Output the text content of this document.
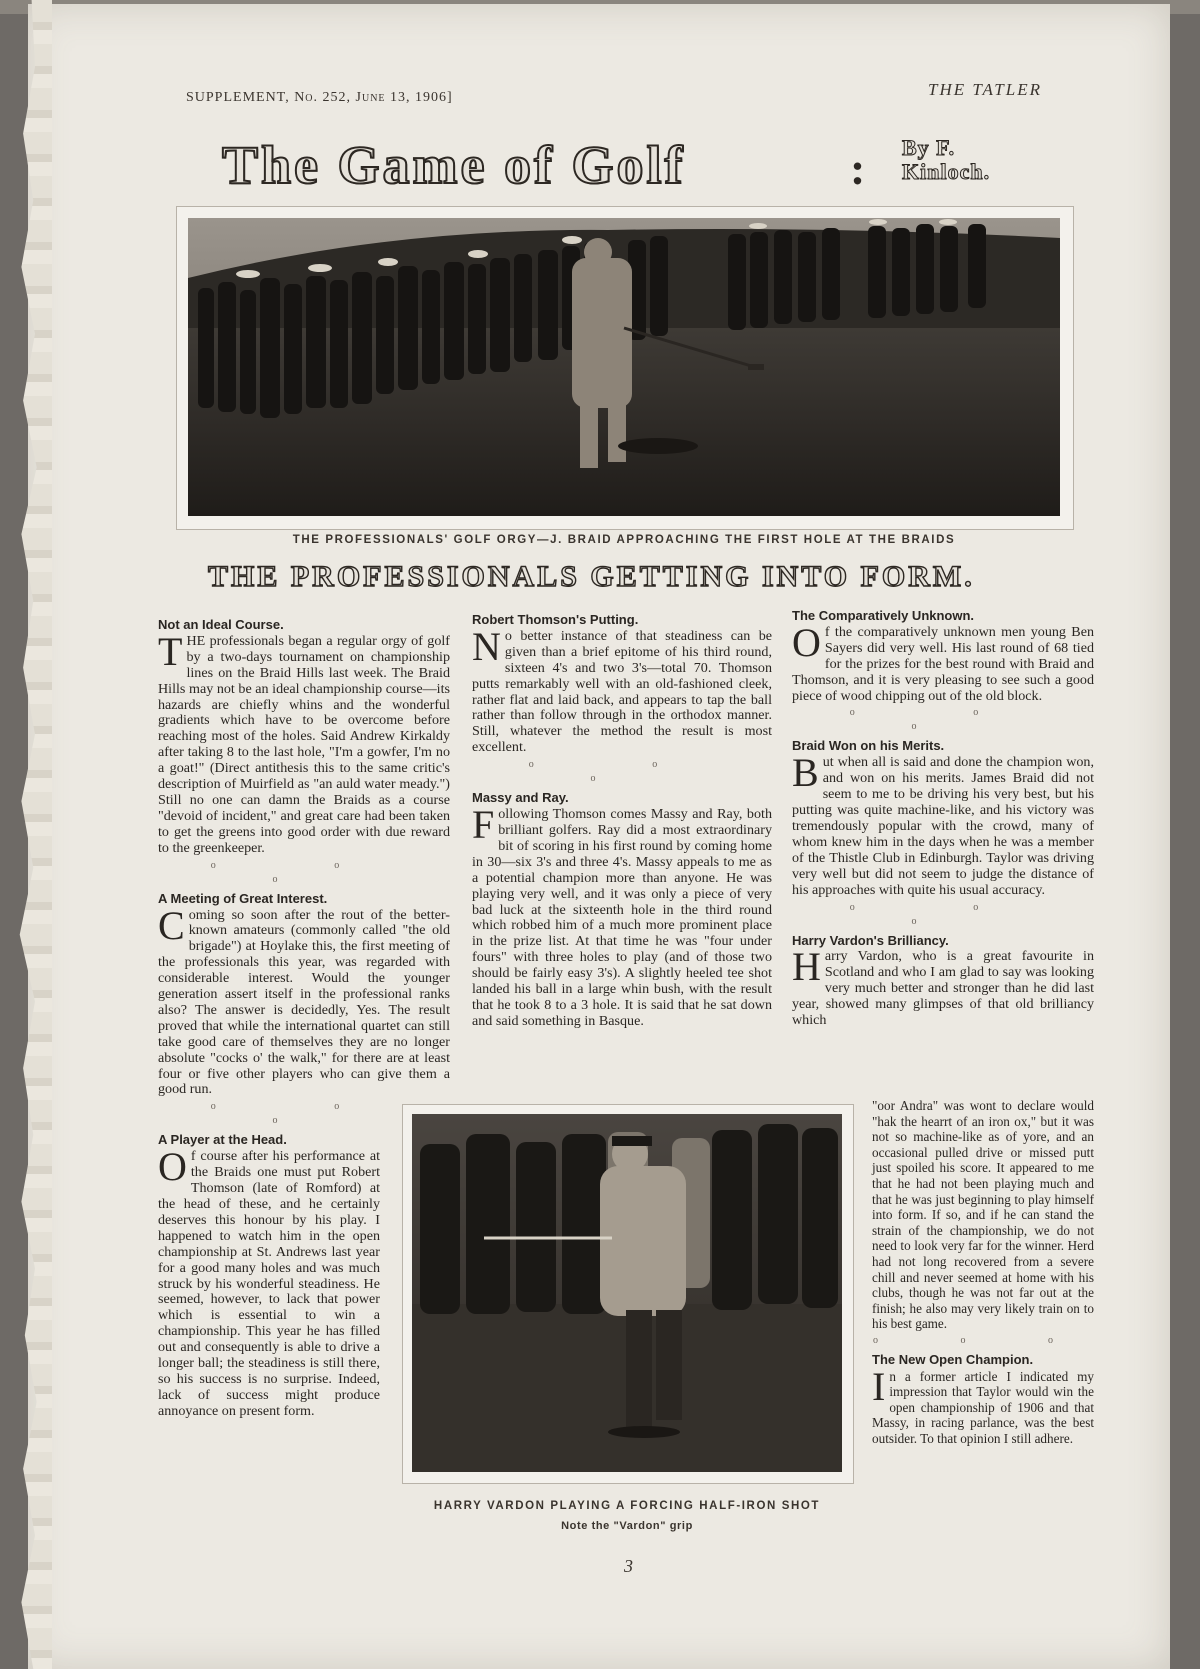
SUPPLEMENT, No. 252, June 13, 1906]	THE TATLER
The Game of Golf	: By F.
Kinloch.
THE PROFESSIONALS' GOLF ORGY—J. BRAID APPROACHING THE FIRST HOLE AT THE BRAIDS
THE PROFESSIONALS GETTING INTO FORM.
Not an Ideal Course.

THE professionals began a regular orgy of golf by a two-days tournament on championship lines on the Braid Hills last week. The Braid Hills may not be an ideal championship course—its hazards are chiefly whins and the wonderful gradients which have to be overcome before reaching most of the holes. Said Andrew Kirkaldy after taking 8 to the last hole, "I'm a gowfer, I'm no a goat!" (Direct antithesis this to the same critic's description of Muirfield as "an auld water meady.") Still no one can damn the Braids as a course "devoid of incident," and great care had been taken to get the greens into good order with due reward to the greenkeeper.

o o o
A Meeting of Great Interest.

Coming so soon after the rout of the better-known amateurs (commonly called "the old brigade") at Hoylake this, the first meeting of the professionals this year, was regarded with considerable interest. Would the younger generation assert itself in the professional ranks also? The answer is decidedly, Yes. The result proved that while the international quartet can still take good care of themselves they are no longer absolute "cocks o' the walk," for there are at least four or five other players who can give them a good run.

o o o
A Player at the Head.

Of course after his performance at the Braids one must put Robert Thomson (late of Romford) at the head of these, and he certainly deserves this honour by his play. I happened to watch him in the open championship at St. Andrews last year for a good many holes and was much struck by his wonderful steadiness. He seemed, however, to lack that power which is essential to win a championship. This year he has filled out and consequently is able to drive a longer ball; the steadiness is still there, so his success is no surprise. Indeed, lack of success might produce annoyance on present form.

Robert Thomson's Putting.

No better instance of that steadiness can be given than a brief epitome of his third round, sixteen 4's and two 3's—total 70. Thomson putts remarkably well with an old-fashioned cleek, rather flat and laid back, and appears to tap the ball rather than follow through in the orthodox manner. Still, whatever the method the result is most excellent.

o o o
Massy and Ray.

Following Thomson comes Massy and Ray, both brilliant golfers. Ray did a most extraordinary bit of scoring in his first round by coming home in 30—six 3's and three 4's. Massy appeals to me as a potential champion more than anyone. He was playing very well, and it was only a piece of very bad luck at the sixteenth hole in the third round which robbed him of a much more prominent place in the prize list. At that time he was "four under fours" with three holes to play (and of those two should be fairly easy 3's). A slightly heeled tee shot landed his ball in a large whin bush, with the result that he took 8 to a 3 hole. It is said that he sat down and said something in Basque.

The Comparatively Unknown.

Of the comparatively unknown men young Ben Sayers did very well. His last round of 68 tied for the prizes for the best round with Braid and Thomson, and it is very pleasing to see such a good piece of wood chipping out of the old block.

o o o
Braid Won on his Merits.

But when all is said and done the champion won, and won on his merits. James Braid did not seem to me to be driving his very best, but his putting was quite machine-like, and his victory was tremendously popular with the crowd, many of whom knew him in the days when he was a member of the Thistle Club in Edinburgh. Taylor was driving very well but did not seem to judge the distance of his approaches with quite his usual accuracy.

o o o
Harry Vardon's Brilliancy.

Harry Vardon, who is a great favourite in Scotland and who I am glad to say was looking very much better and stronger than he did last year, showed many glimpses of that old brilliancy which

"oor Andra" was wont to declare would "hak the hearrt of an iron ox," but it was not so machine-like as of yore, and an occasional pulled drive or missed putt just spoiled his score. It appeared to me that he had not been playing much and that he was just beginning to play himself into form. If so, and if he can stand the strain of the championship, we do not need to look very far for the winner. Herd had not long recovered from a severe chill and never seemed at home with his clubs, though he was not far out at the finish; he also may very likely train on to his best game.

o o o
The New Open Champion.

In a former article I indicated my impression that Taylor would win the open championship of 1906 and that Massy, in racing parlance, was the best outsider. To that opinion I still adhere.

HARRY VARDON PLAYING A FORCING HALF-IRON SHOT
Note the "Vardon" grip
3
